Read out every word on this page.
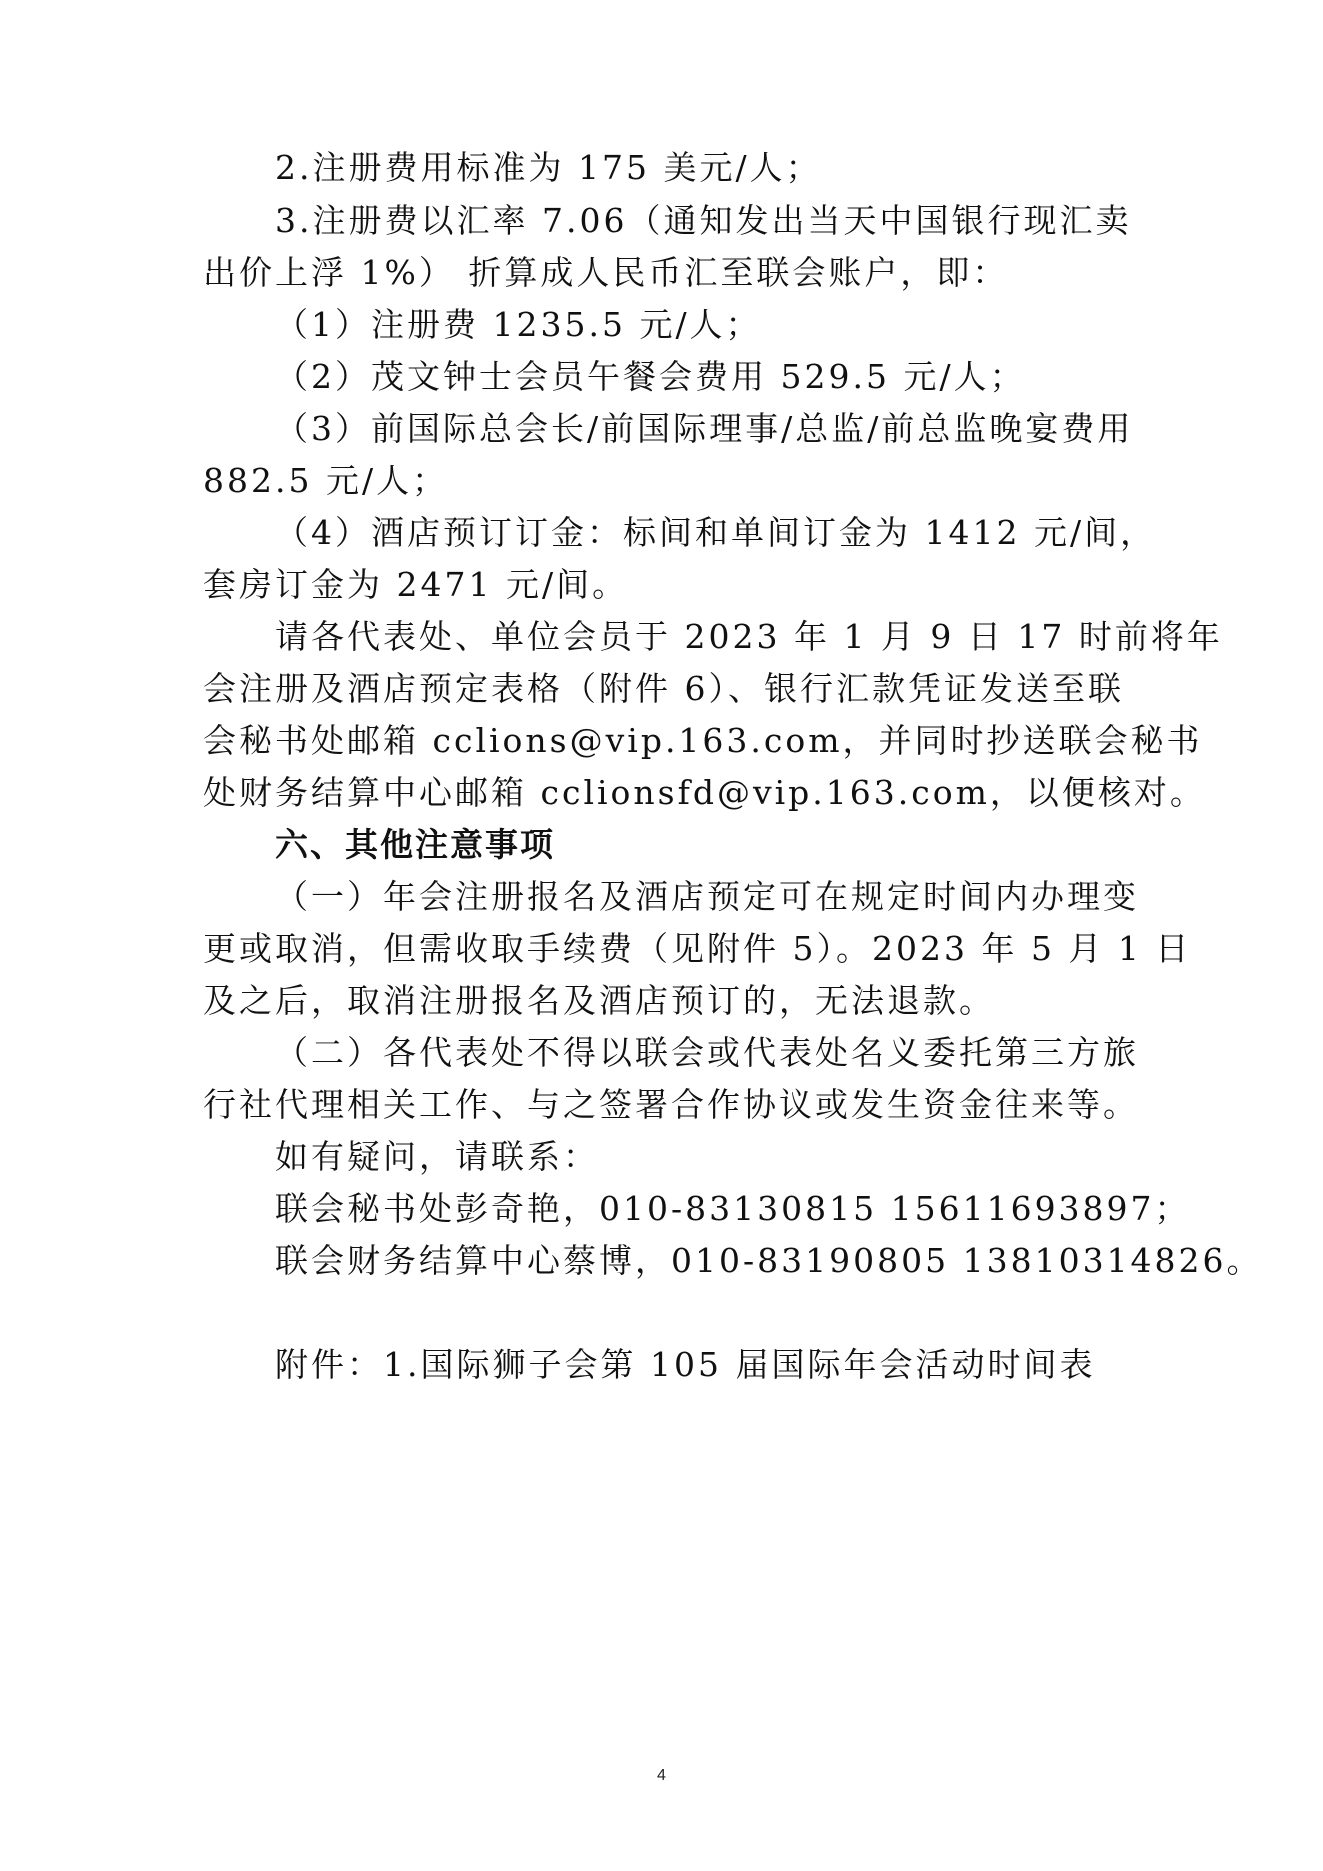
2.注册费用标准为 175 美元/人；
3.注册费以汇率 7.06（通知发出当天中国银行现汇卖
出价上浮 1%） 折算成人民币汇至联会账户，即：
（1）注册费 1235.5 元/人；
（2）茂文钟士会员午餐会费用 529.5 元/人；
（3）前国际总会长/前国际理事/总监/前总监晚宴费用
882.5 元/人；
（4）酒店预订订金：标间和单间订金为 1412 元/间，
套房订金为 2471 元/间。
请各代表处、单位会员于 2023 年 1 月 9 日 17 时前将年
会注册及酒店预定表格（附件 6）、银行汇款凭证发送至联
会秘书处邮箱 cclions@vip.163.com，并同时抄送联会秘书
处财务结算中心邮箱 cclionsfd@vip.163.com，以便核对。
六、其他注意事项
（一）年会注册报名及酒店预定可在规定时间内办理变
更或取消，但需收取手续费（见附件 5）。2023 年 5 月 1 日
及之后，取消注册报名及酒店预订的，无法退款。
（二）各代表处不得以联会或代表处名义委托第三方旅
行社代理相关工作、与之签署合作协议或发生资金往来等。
如有疑问，请联系：
联会秘书处彭奇艳，010-83130815 15611693897；
联会财务结算中心蔡博，010-83190805 13810314826。
附件：1.国际狮子会第 105 届国际年会活动时间表
4
